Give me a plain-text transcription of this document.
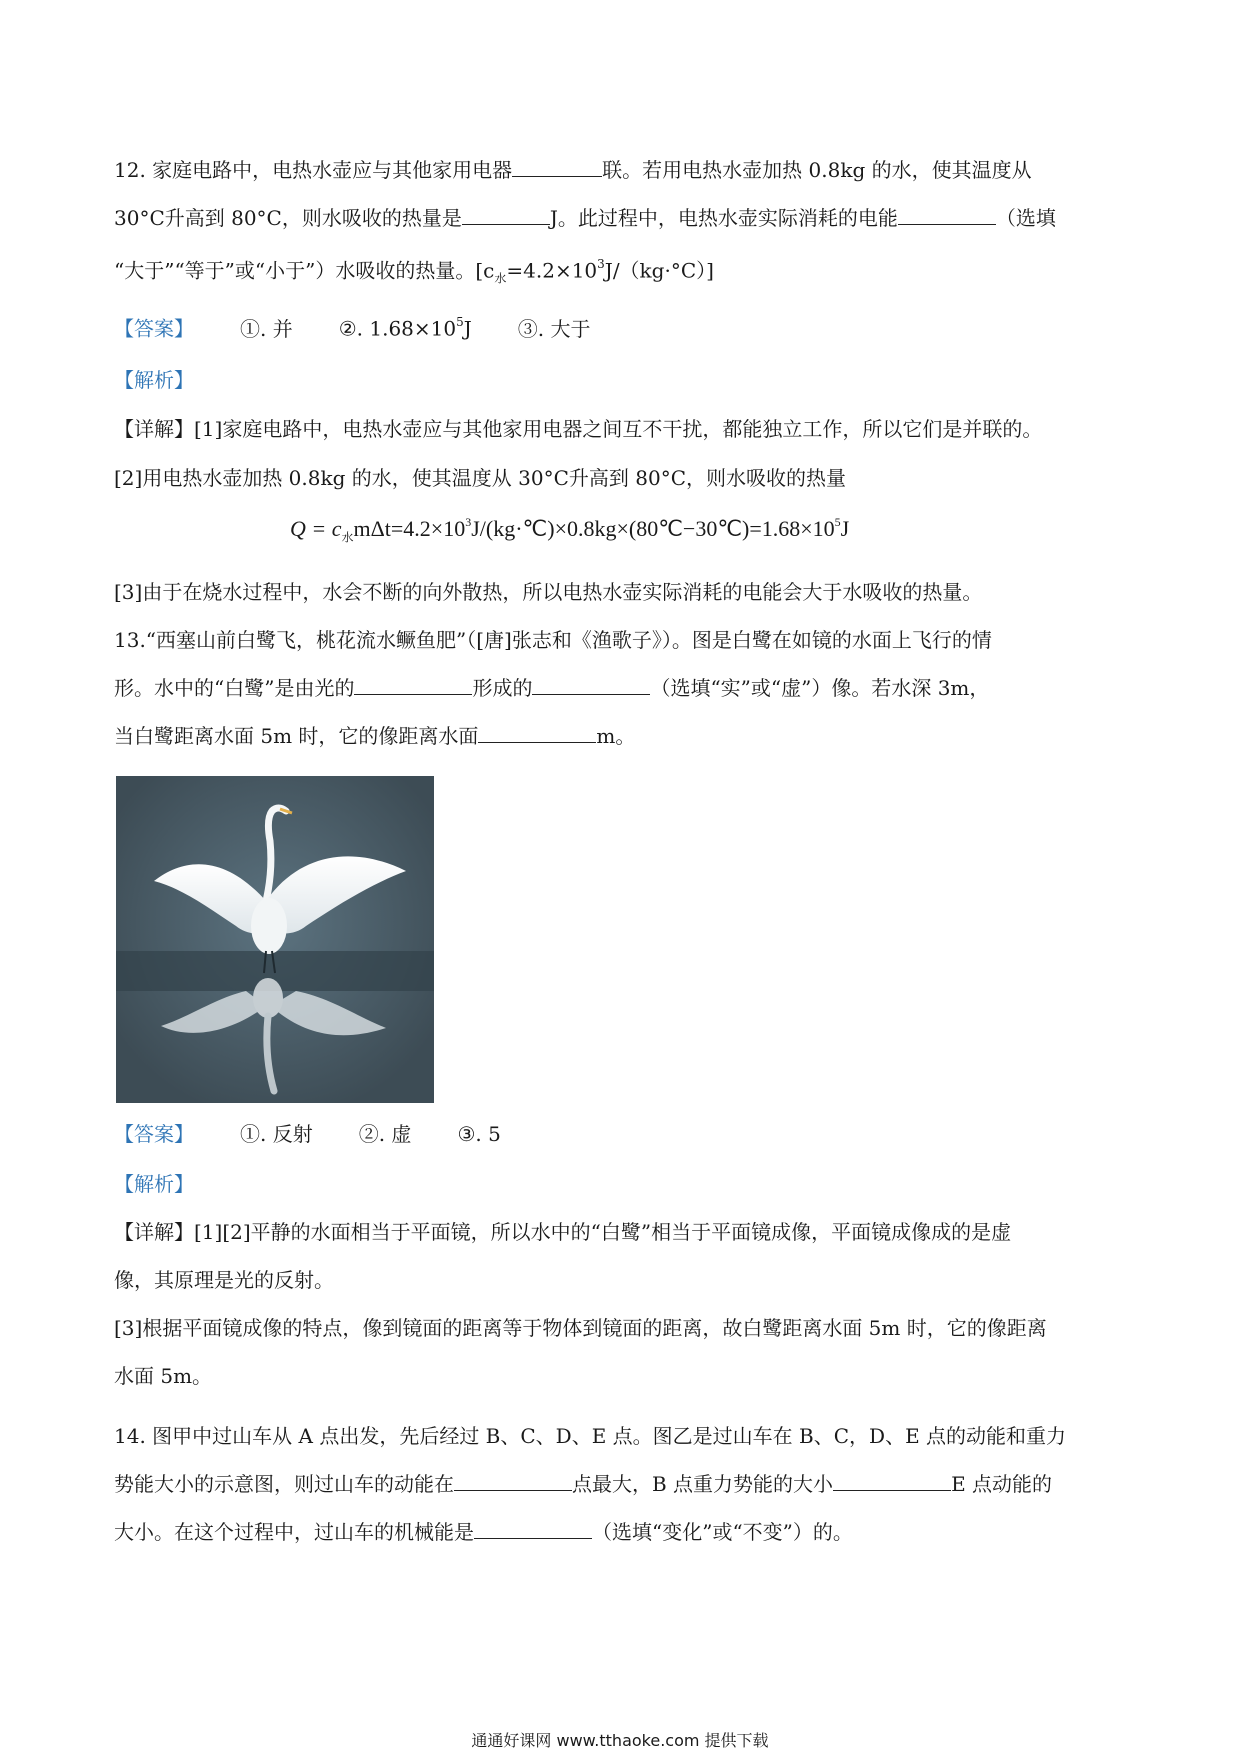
12. 家庭电路中，电热水壶应与其他家用电器	联。若用电热水壶加热 0.8kg 的水，使其温度从
30°C升高到 80°C，则水吸收的热量是	J。此过程中，电热水壶实际消耗的电能	（选填
“大于”“等于”或“小于”）水吸收的热量。$[c_水=4.2\times 10^3J/(kg\cdot^\circ C)]$
【答案】 ①. 并 ②. $1.68\times 10^5J$ ③. 大于
【解析】
【详解】[1]家庭电路中，电热水壶应与其他家用电器之间互不干扰，都能独立工作，所以它们是并联的。
[2]用电热水壶加热 0.8kg 的水，使其温度从 30°C升高到 80°C，则水吸收的热量
$Q = c_水m\Delta t=4.2\times 10^3J/(kg\cdot℃)\times 0.8kg\times(80℃-30℃)=1.68\times 10^5J$
[3]由于在烧水过程中，水会不断的向外散热，所以电热水壶实际消耗的电能会大于水吸收的热量。
13.“西塞山前白鹭飞，桃花流水鳜鱼肥”（[唐]张志和《渔歌子》）。图是白鹭在如镜的水面上飞行的情
形。水中的“白鹭”是由光的	形成的	（选填“实”或“虚”）像。若水深 3m，
当白鹭距离水面 5m 时，它的像距离水面	m。
【答案】 ①. 反射 ②. 虚 ③. 5
【解析】
【详解】[1][2]平静的水面相当于平面镜，所以水中的“白鹭”相当于平面镜成像，平面镜成像成的是虚
像，其原理是光的反射。
[3]根据平面镜成像的特点，像到镜面的距离等于物体到镜面的距离，故白鹭距离水面 5m 时，它的像距离
水面 5m。
14. 图甲中过山车从 A 点出发，先后经过 B、C、D、E 点。图乙是过山车在 B、C，D、E 点的动能和重力
势能大小的示意图，则过山车的动能在	点最大，B 点重力势能的大小	E 点动能的
大小。在这个过程中，过山车的机械能是	（选填“变化”或“不变”）的。
通通好课网 www.tthaoke.com 提供下载
